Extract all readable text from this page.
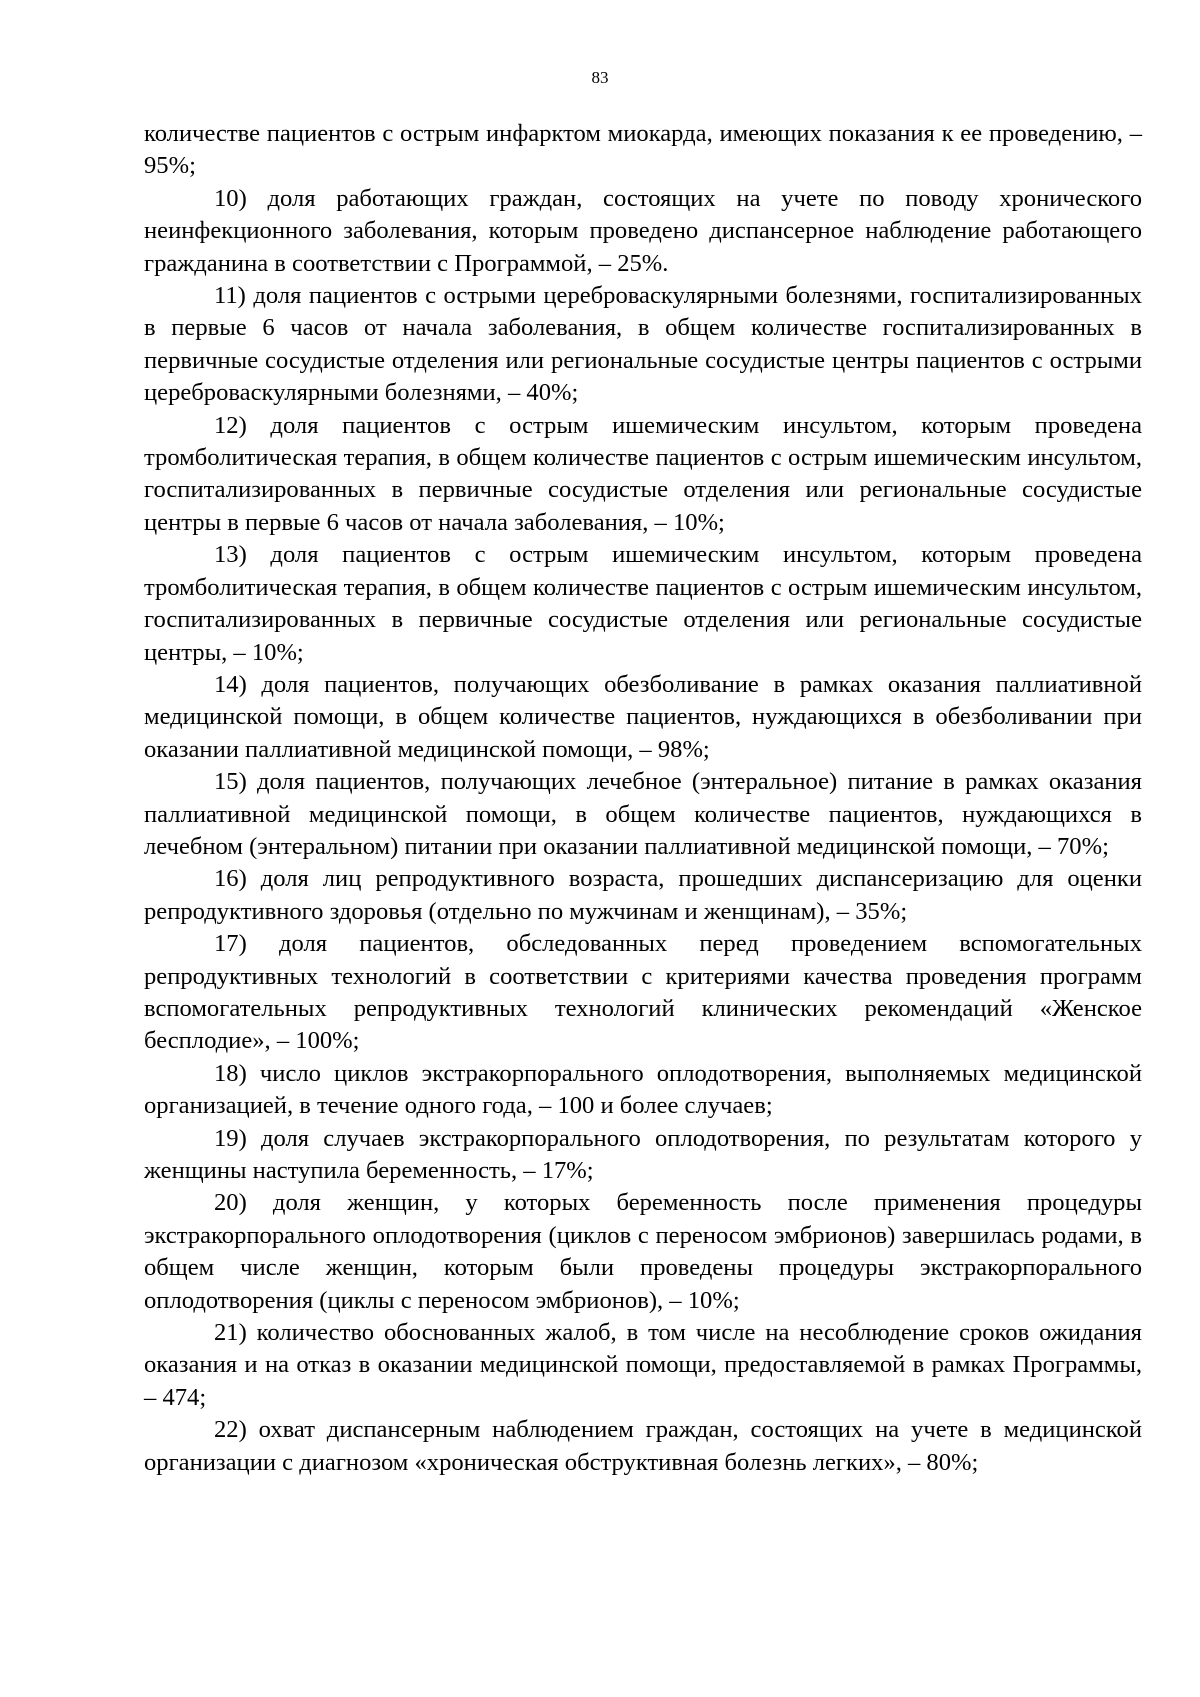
83

количестве пациентов с острым инфарктом миокарда, имеющих показания к ее проведению, – 95%;

10) доля работающих граждан, состоящих на учете по поводу хронического неинфекционного заболевания, которым проведено диспансерное наблюдение работающего гражданина в соответствии с Программой, – 25%.

11) доля пациентов с острыми цереброваскулярными болезнями, госпитализированных в первые 6 часов от начала заболевания, в общем количестве госпитализированных в первичные сосудистые отделения или региональные сосудистые центры пациентов с острыми цереброваскулярными болезнями, – 40%;

12) доля пациентов с острым ишемическим инсультом, которым проведена тромболитическая терапия, в общем количестве пациентов с острым ишемическим инсультом, госпитализированных в первичные сосудистые отделения или региональные сосудистые центры в первые 6 часов от начала заболевания, – 10%;

13) доля пациентов с острым ишемическим инсультом, которым проведена тромболитическая терапия, в общем количестве пациентов с острым ишемическим инсультом, госпитализированных в первичные сосудистые отделения или региональные сосудистые центры, – 10%;

14) доля пациентов, получающих обезболивание в рамках оказания паллиативной медицинской помощи, в общем количестве пациентов, нуждающихся в обезболивании при оказании паллиативной медицинской помощи, – 98%;

15) доля пациентов, получающих лечебное (энтеральное) питание в рамках оказания паллиативной медицинской помощи, в общем количестве пациентов, нуждающихся в лечебном (энтеральном) питании при оказании паллиативной медицинской помощи, – 70%;

16) доля лиц репродуктивного возраста, прошедших диспансеризацию для оценки репродуктивного здоровья (отдельно по мужчинам и женщинам), – 35%;

17) доля пациентов, обследованных перед проведением вспомогательных репродуктивных технологий в соответствии с критериями качества проведения программ вспомогательных репродуктивных технологий клинических рекомендаций «Женское бесплодие», – 100%;

18) число циклов экстракорпорального оплодотворения, выполняемых медицинской организацией, в течение одного года, – 100 и более случаев;

19) доля случаев экстракорпорального оплодотворения, по результатам которого у женщины наступила беременность, – 17%;

20) доля женщин, у которых беременность после применения процедуры экстракорпорального оплодотворения (циклов с переносом эмбрионов) завершилась родами, в общем числе женщин, которым были проведены процедуры экстракорпорального оплодотворения (циклы с переносом эмбрионов), – 10%;

21) количество обоснованных жалоб, в том числе на несоблюдение сроков ожидания оказания и на отказ в оказании медицинской помощи, предоставляемой в рамках Программы, – 474;

22) охват диспансерным наблюдением граждан, состоящих на учете в медицинской организации с диагнозом «хроническая обструктивная болезнь легких», – 80%;
